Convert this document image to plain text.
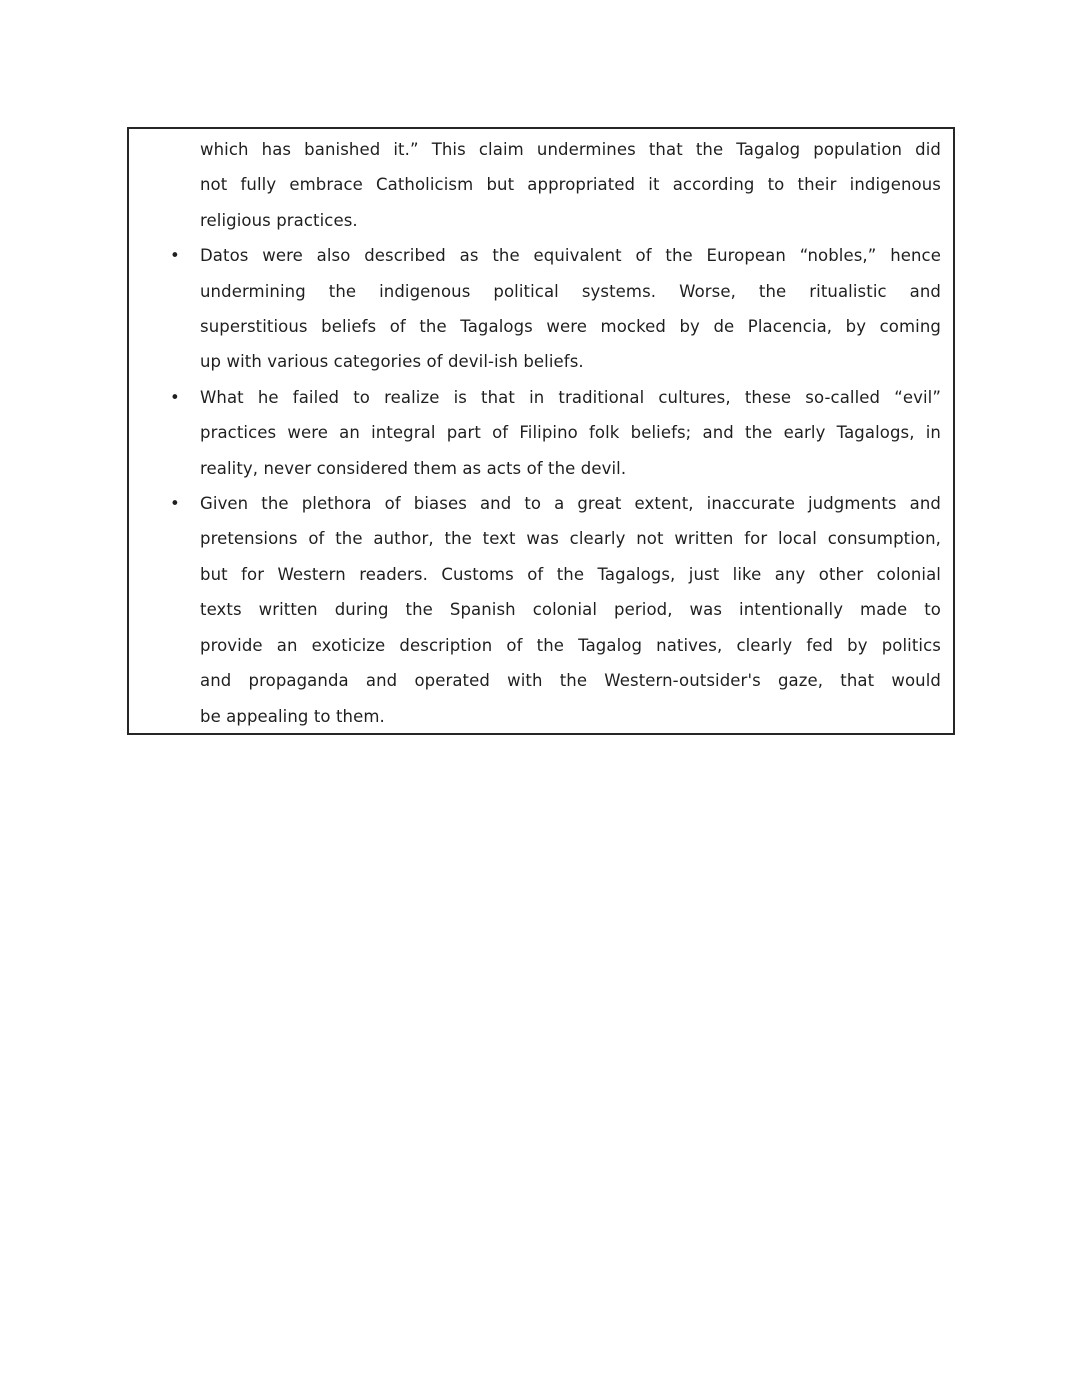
which has banished it.” This claim undermines that the Tagalog population did
not fully embrace Catholicism but appropriated it according to their indigenous
religious practices.
• Datos were also described as the equivalent of the European “nobles,” hence
undermining the indigenous political systems. Worse, the ritualistic and
superstitious beliefs of the Tagalogs were mocked by de Placencia, by coming
up with various categories of devil-ish beliefs.
• What he failed to realize is that in traditional cultures, these so-called “evil”
practices were an integral part of Filipino folk beliefs; and the early Tagalogs, in
reality, never considered them as acts of the devil.
• Given the plethora of biases and to a great extent, inaccurate judgments and
pretensions of the author, the text was clearly not written for local consumption,
but for Western readers. Customs of the Tagalogs, just like any other colonial
texts written during the Spanish colonial period, was intentionally made to
provide an exoticize description of the Tagalog natives, clearly fed by politics
and propaganda and operated with the Western-outsider's gaze, that would
be appealing to them.
